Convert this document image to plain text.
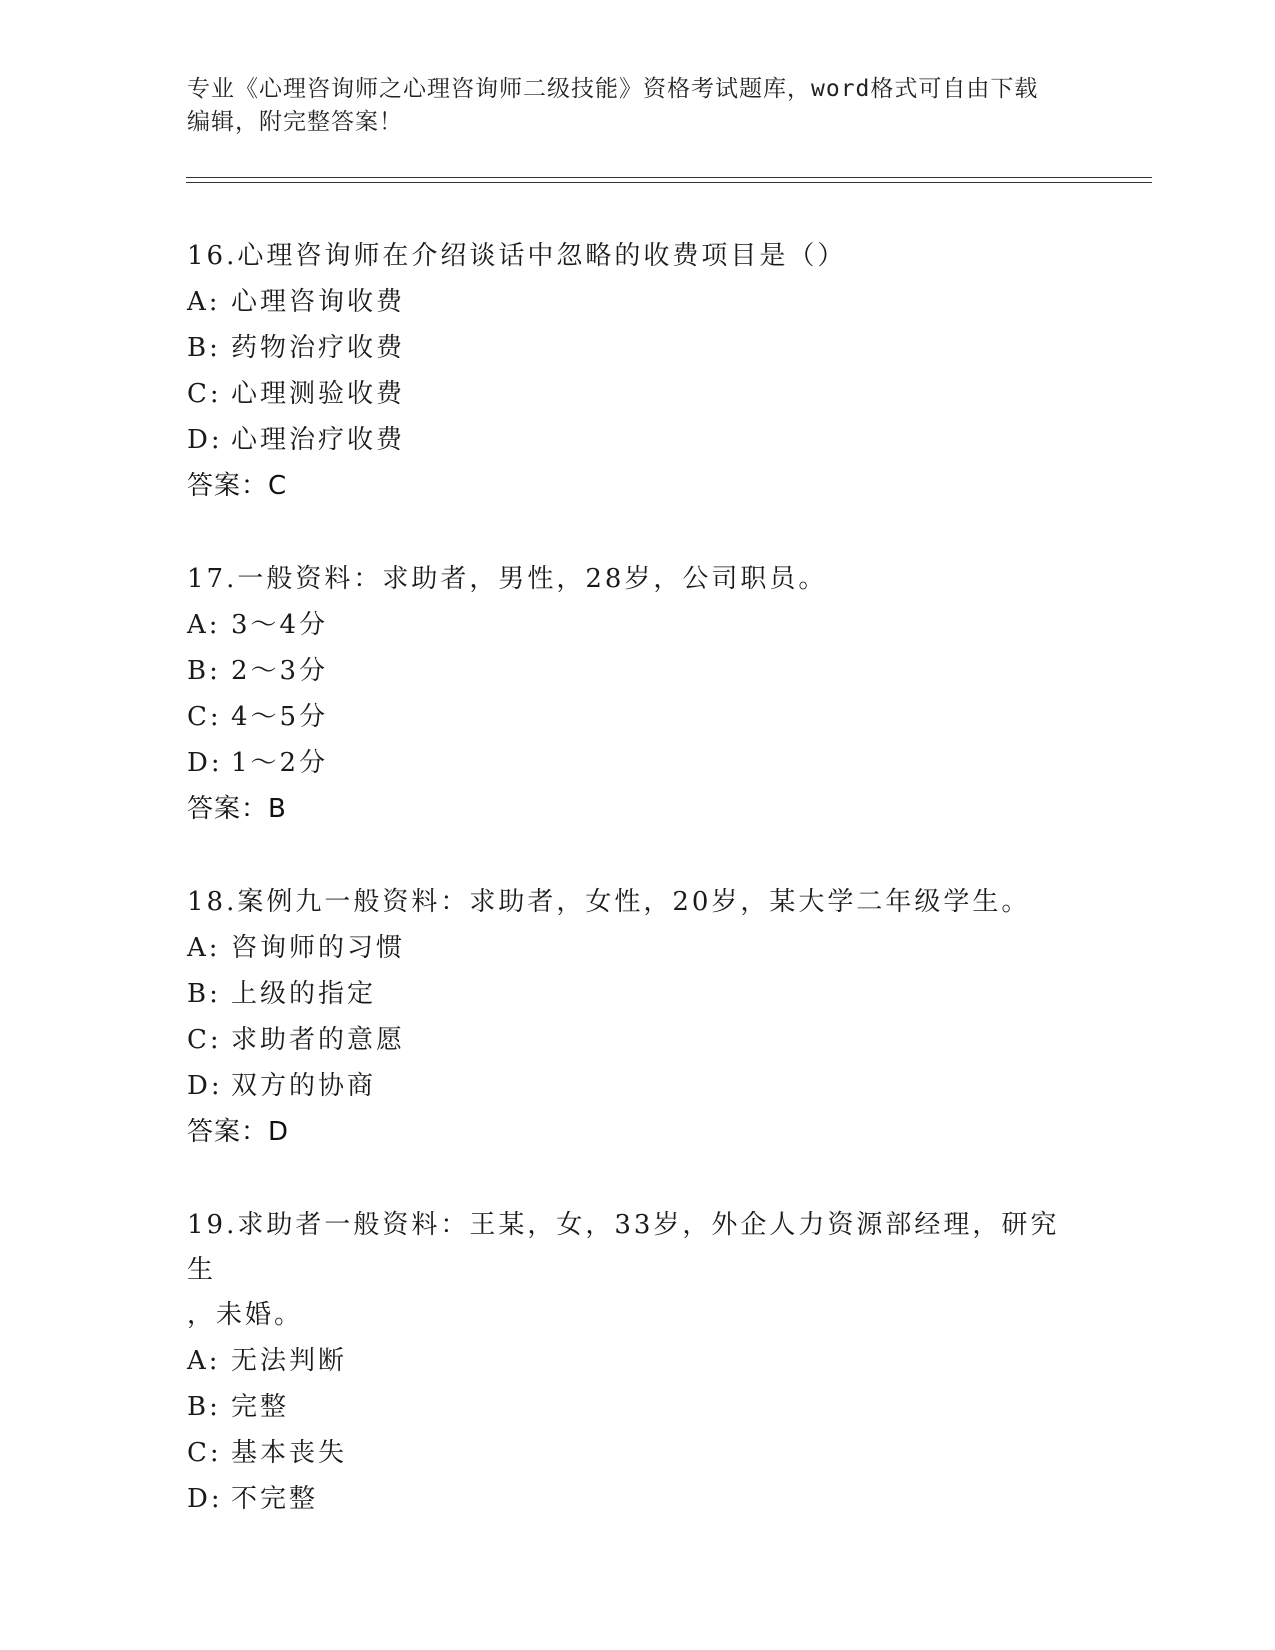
专业《心理咨询师之心理咨询师二级技能》资格考试题库，word格式可自由下载
编辑，附完整答案！
16.心理咨询师在介绍谈话中忽略的收费项目是（）
A: 心理咨询收费
B: 药物治疗收费
C: 心理测验收费
D: 心理治疗收费
答案：C
17.一般资料：求助者，男性，28岁，公司职员。
A: 3～4分
B: 2～3分
C: 4～5分
D: 1～2分
答案：B
18.案例九一般资料：求助者，女性，20岁，某大学二年级学生。
A: 咨询师的习惯
B: 上级的指定
C: 求助者的意愿
D: 双方的协商
答案：D
19.求助者一般资料：王某，女，33岁，外企人力资源部经理，研究生
，未婚。
A: 无法判断
B: 完整
C: 基本丧失
D: 不完整
